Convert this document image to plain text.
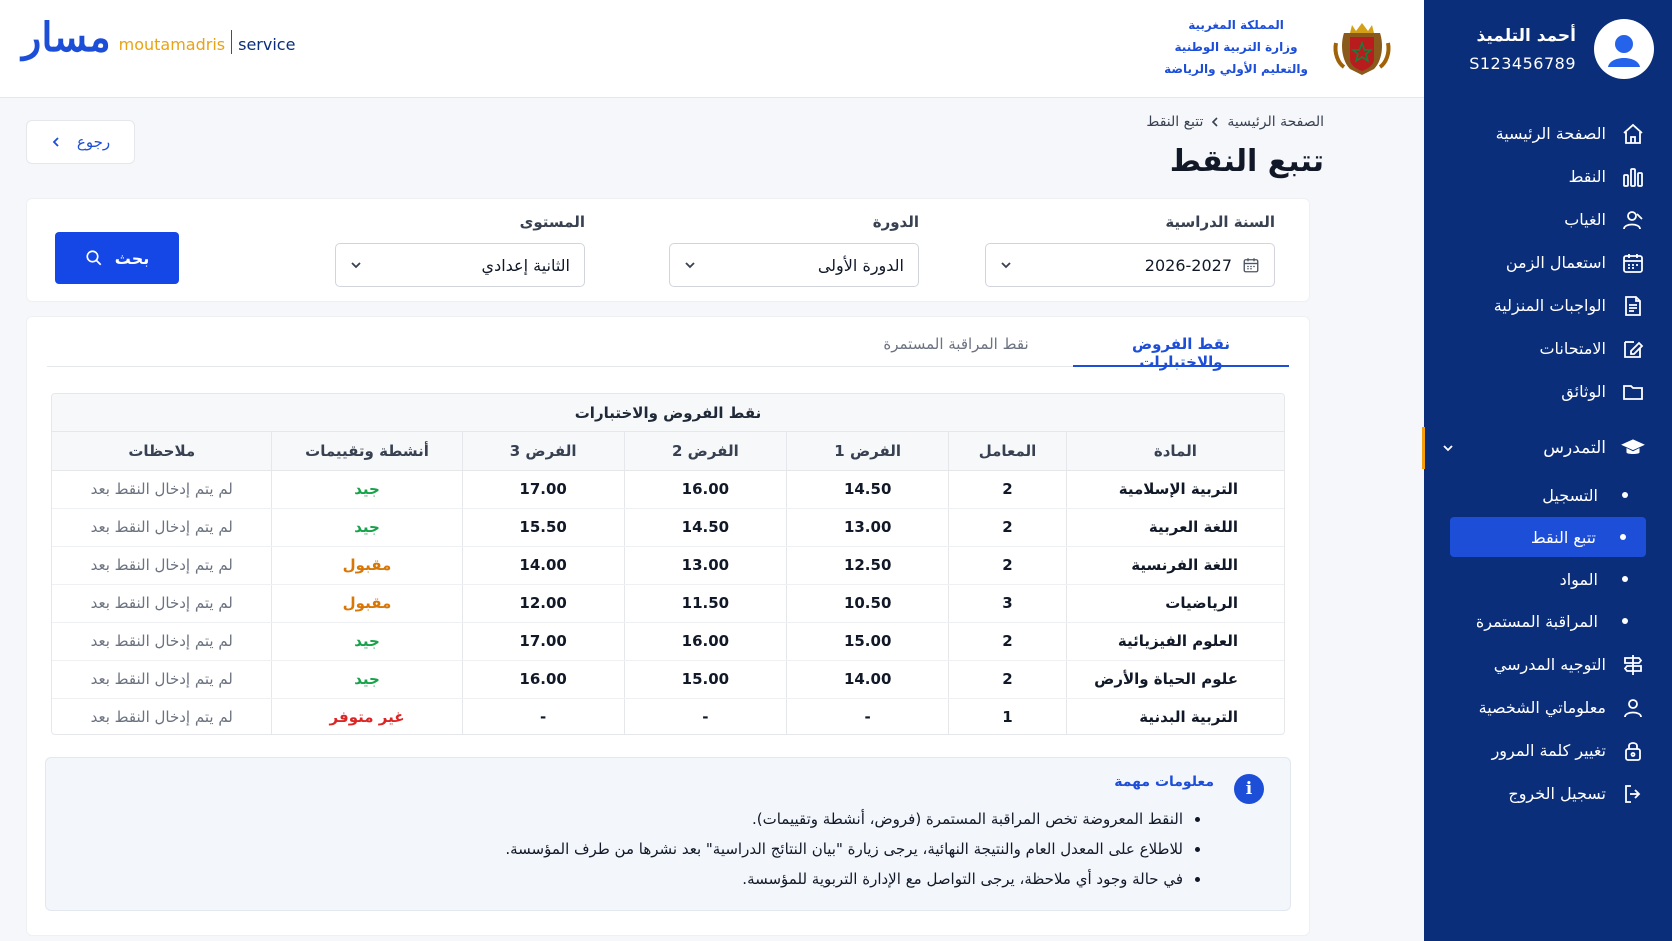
أحمد التلميذ
S123456789
الصفحة الرئيسية
النقط
الغياب
استعمال الزمن
الواجبات المنزلية
الامتحانات
الوثائق
التمدرس
التسجيل
تتبع النقط
المواد
المراقبة المستمرة
التوجيه المدرسي
معلوماتي الشخصية
تغيير كلمة المرور
تسجيل الخروج
المملكة المغربية
وزارة التربية الوطنية
والتعليم الأولي والرياضة
مسار moutamadris service
رجوع
الصفحة الرئيسية
تتبع النقط
تتبع النقط
السنة الدراسية
2026-2027
الدورة
الدورة الأولى
المستوى
الثانية إعدادي
بحث
نقط الفروض والاختبارات
نقط المراقبة المستمرة
نقط الفروض والاختبارات
المادة	المعامل	الفرض 1	الفرض 2	الفرض 3	أنشطة وتقييمات	ملاحظات
التربية الإسلامية	2	14.50	16.00	17.00	جيد	لم يتم إدخال النقط بعد
اللغة العربية	2	13.00	14.50	15.50	جيد	لم يتم إدخال النقط بعد
اللغة الفرنسية	2	12.50	13.00	14.00	مقبول	لم يتم إدخال النقط بعد
الرياضيات	3	10.50	11.50	12.00	مقبول	لم يتم إدخال النقط بعد
العلوم الفيزيائية	2	15.00	16.00	17.00	جيد	لم يتم إدخال النقط بعد
علوم الحياة والأرض	2	14.00	15.00	16.00	جيد	لم يتم إدخال النقط بعد
التربية البدنية	1	-	-	-	غير متوفر	لم يتم إدخال النقط بعد
i
معلومات مهمة
النقط المعروضة تخص المراقبة المستمرة (فروض، أنشطة وتقييمات).
للاطلاع على المعدل العام والنتيجة النهائية، يرجى زيارة "بيان النتائج الدراسية" بعد نشرها من طرف المؤسسة.
في حالة وجود أي ملاحظة، يرجى التواصل مع الإدارة التربوية للمؤسسة.
